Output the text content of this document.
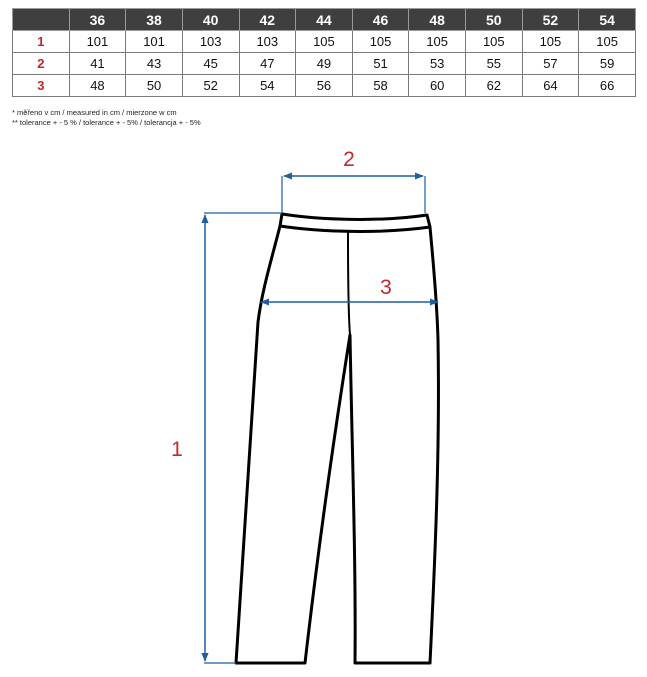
	36	38	40	42	44	46	48	50	52	54
1	101	101	103	103	105	105	105	105	105	105
2	41	43	45	47	49	51	53	55	57	59
3	48	50	52	54	56	58	60	62	64	66
* měřeno v cm / measured in cm / mierzone w cm
** tolerance + - 5 % / tolerance + - 5% / tolerancja + - 5%
2
3
1
